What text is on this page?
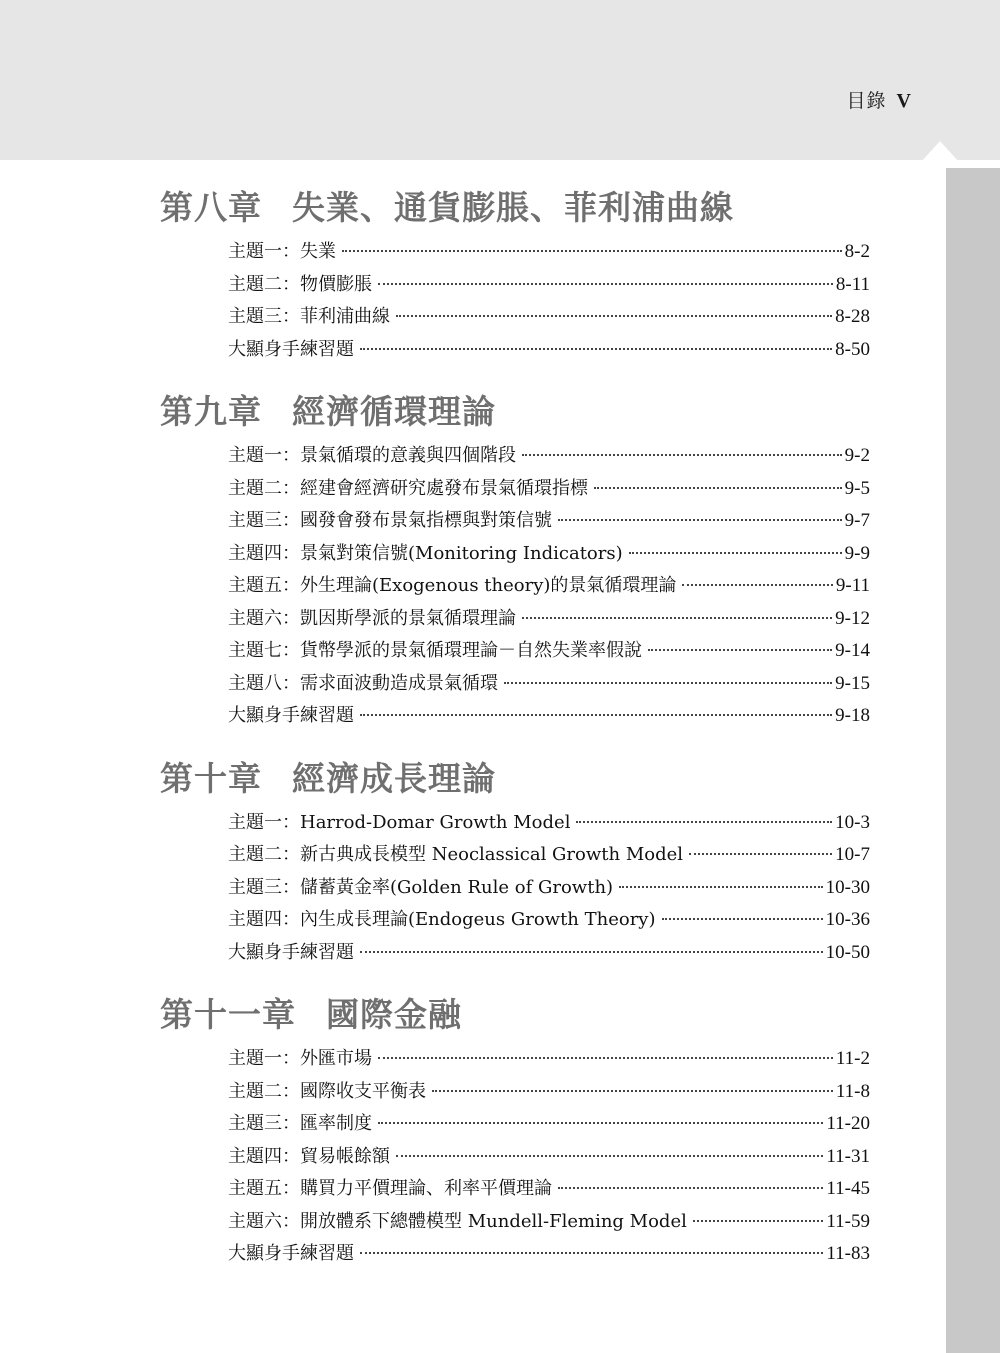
目錄 V
第八章 失業、通貨膨脹、菲利浦曲線
主題一：失業	8-2
主題二：物價膨脹	8-11
主題三：菲利浦曲線	8-28
大顯身手練習題	8-50
第九章 經濟循環理論
主題一：景氣循環的意義與四個階段	9-2
主題二：經建會經濟研究處發布景氣循環指標	9-5
主題三：國發會發布景氣指標與對策信號	9-7
主題四：景氣對策信號(Monitoring Indicators)	9-9
主題五：外生理論(Exogenous theory)的景氣循環理論	9-11
主題六：凱因斯學派的景氣循環理論	9-12
主題七：貨幣學派的景氣循環理論－自然失業率假說	9-14
主題八：需求面波動造成景氣循環	9-15
大顯身手練習題	9-18
第十章 經濟成長理論
主題一：Harrod-Domar Growth Model	10-3
主題二：新古典成長模型 Neoclassical Growth Model	10-7
主題三：儲蓄黃金率(Golden Rule of Growth)	10-30
主題四：內生成長理論(Endogeus Growth Theory)	10-36
大顯身手練習題	10-50
第十一章 國際金融
主題一：外匯市場	11-2
主題二：國際收支平衡表	11-8
主題三：匯率制度	11-20
主題四：貿易帳餘額	11-31
主題五：購買力平價理論、利率平價理論	11-45
主題六：開放體系下總體模型 Mundell-Fleming Model	11-59
大顯身手練習題	11-83
